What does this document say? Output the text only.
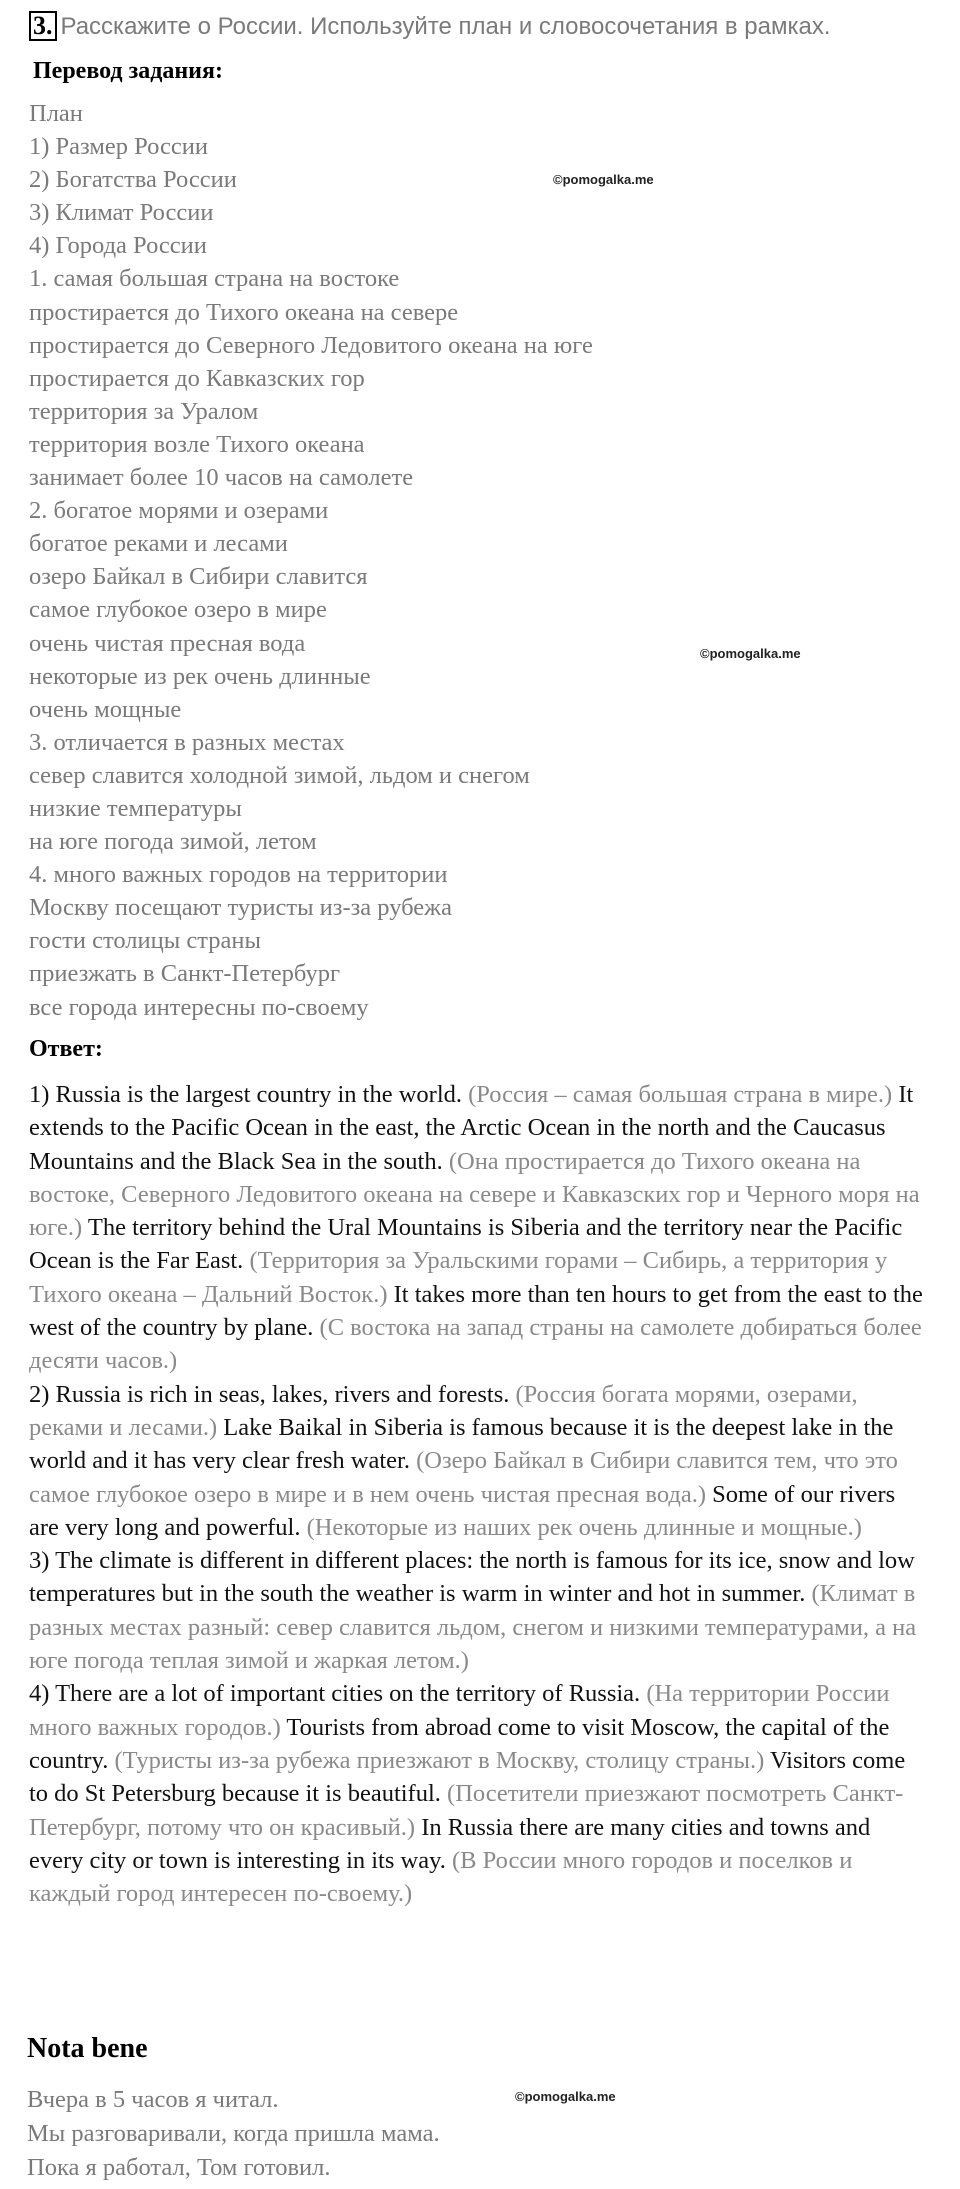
3. Расскажите о России. Используйте план и словосочетания в рамках.
Перевод задания:
План
1) Размер России
2) Богатства России
3) Климат России
4) Города России
1. самая большая страна на востоке
простирается до Тихого океана на севере
простирается до Северного Ледовитого океана на юге
простирается до Кавказских гор
территория за Уралом
территория возле Тихого океана
занимает более 10 часов на самолете
2. богатое морями и озерами
богатое реками и лесами
озеро Байкал в Сибири славится
самое глубокое озеро в мире
очень чистая пресная вода
некоторые из рек очень длинные
очень мощные
3. отличается в разных местах
север славится холодной зимой, льдом и снегом
низкие температуры
на юге погода зимой, летом
4. много важных городов на территории
Москву посещают туристы из-за рубежа
гости столицы страны
приезжать в Санкт-Петербург
все города интересны по-своему
©pomogalka.me
©pomogalka.me
Ответ:

1) Russia is the largest country in the world. (Россия – самая большая страна в мире.) It extends to the Pacific Ocean in the east, the Arctic Ocean in the north and the Caucasus Mountains and the Black Sea in the south. (Она простирается до Тихого океана на востоке, Северного Ледовитого океана на севере и Кавказских гор и Черного моря на юге.) The territory behind the Ural Mountains is Siberia and the territory near the Pacific Ocean is the Far East. (Территория за Уральскими горами – Сибирь, а территория у Тихого океана – Дальний Восток.) It takes more than ten hours to get from the east to the west of the country by plane. (С востока на запад страны на самолете добираться более десяти часов.)

2) Russia is rich in seas, lakes, rivers and forests. (Россия богата морями, озерами, реками и лесами.) Lake Baikal in Siberia is famous because it is the deepest lake in the world and it has very clear fresh water. (Озеро Байкал в Сибири славится тем, что это самое глубокое озеро в мире и в нем очень чистая пресная вода.) Some of our rivers are very long and powerful. (Некоторые из наших рек очень длинные и мощные.)

3) The climate is different in different places: the north is famous for its ice, snow and low temperatures but in the south the weather is warm in winter and hot in summer. (Климат в разных местах разный: север славится льдом, снегом и низкими температурами, а на юге погода теплая зимой и жаркая летом.)

4) There are a lot of important cities on the territory of Russia. (На территории России много важных городов.) Tourists from abroad come to visit Moscow, the capital of the country. (Туристы из-за рубежа приезжают в Москву, столицу страны.) Visitors come to do St Petersburg because it is beautiful. (Посетители приезжают посмотреть Санкт-Петербург, потому что он красивый.) In Russia there are many cities and towns and every city or town is interesting in its way. (В России много городов и поселков и каждый город интересен по-своему.)

Nota bene
©pomogalka.me
Вчера в 5 часов я читал.
Мы разговаривали, когда пришла мама.
Пока я работал, Том готовил.
